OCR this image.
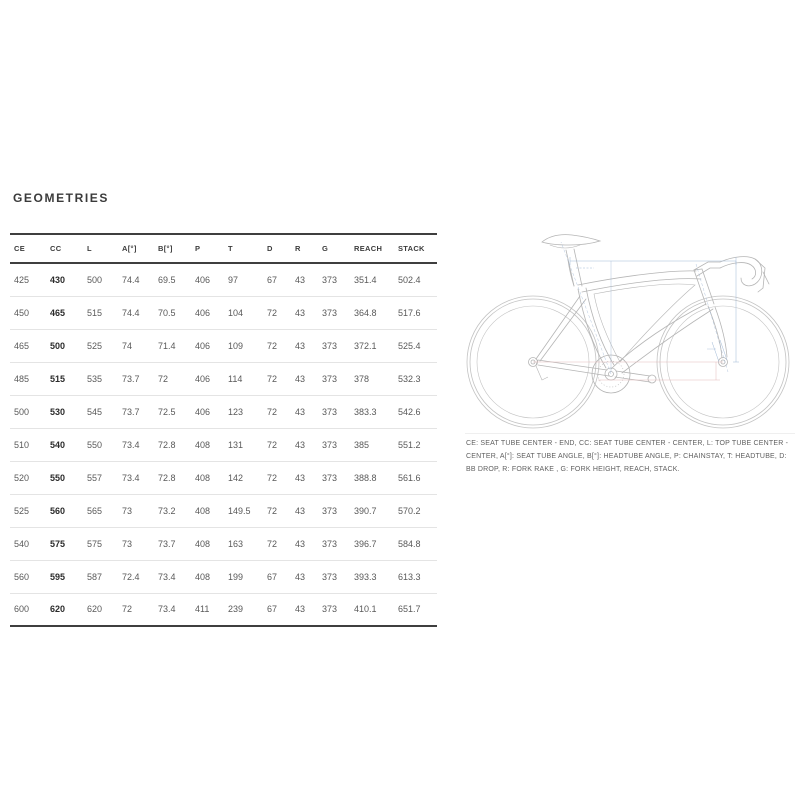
GEOMETRIES
CE	CC	L	A[°]	B[°]	P	T	D	R	G	REACH	STACK
425	430	500	74.4	69.5	406	97	67	43	373	351.4	502.4
450	465	515	74.4	70.5	406	104	72	43	373	364.8	517.6
465	500	525	74	71.4	406	109	72	43	373	372.1	525.4
485	515	535	73.7	72	406	114	72	43	373	378	532.3
500	530	545	73.7	72.5	406	123	72	43	373	383.3	542.6
510	540	550	73.4	72.8	408	131	72	43	373	385	551.2
520	550	557	73.4	72.8	408	142	72	43	373	388.8	561.6
525	560	565	73	73.2	408	149.5	72	43	373	390.7	570.2
540	575	575	73	73.7	408	163	72	43	373	396.7	584.8
560	595	587	72.4	73.4	408	199	67	43	373	393.3	613.3
600	620	620	72	73.4	411	239	67	43	373	410.1	651.7
CE: SEAT TUBE CENTER - END, CC: SEAT TUBE CENTER - CENTER, L: TOP TUBE CENTER - CENTER, A[°]: SEAT TUBE ANGLE, B[°]: HEADTUBE ANGLE, P: CHAINSTAY, T: HEADTUBE, D: BB DROP, R: FORK RAKE , G: FORK HEIGHT, REACH, STACK.
